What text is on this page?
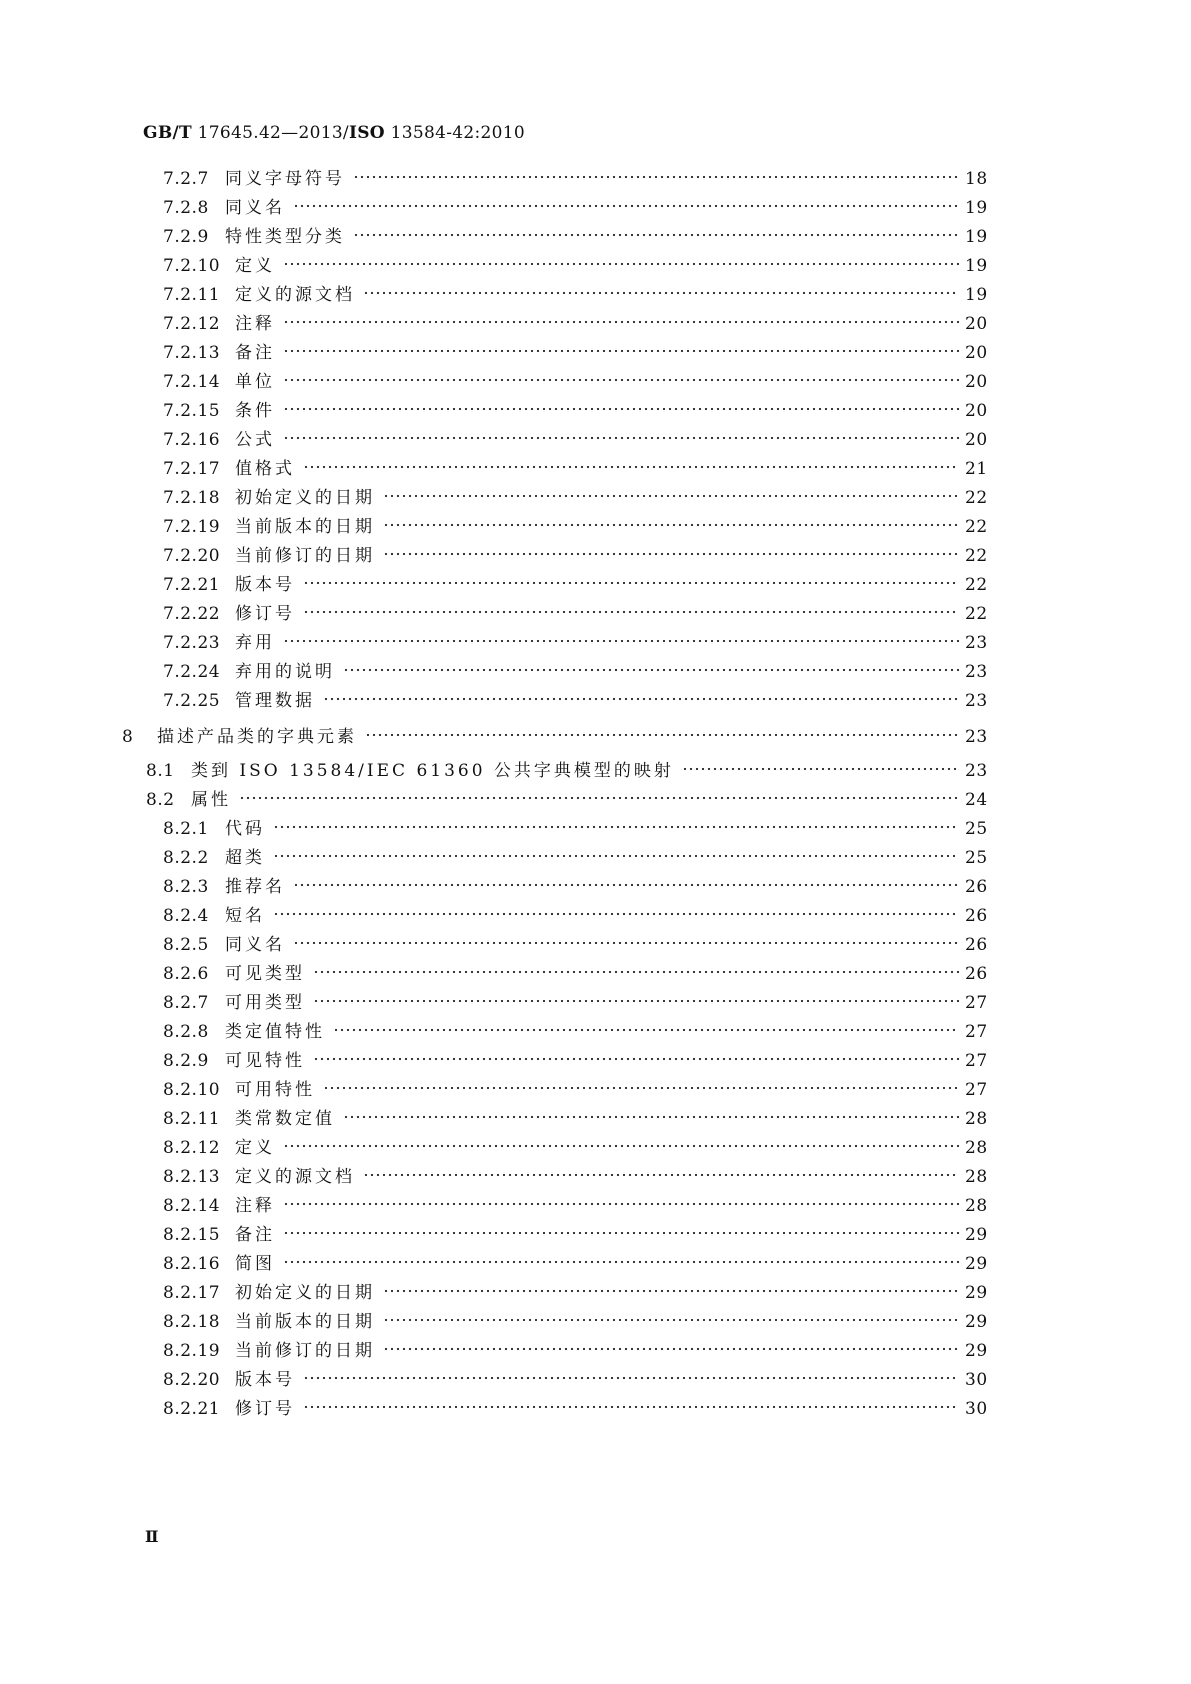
GB/T 17645.42—2013/ISO 13584-42:2010
7.2.7 同义字母符号	18
7.2.8 同义名	19
7.2.9 特性类型分类	19
7.2.10 定义	19
7.2.11 定义的源文档	19
7.2.12 注释	20
7.2.13 备注	20
7.2.14 单位	20
7.2.15 条件	20
7.2.16 公式	20
7.2.17 值格式	21
7.2.18 初始定义的日期	22
7.2.19 当前版本的日期	22
7.2.20 当前修订的日期	22
7.2.21 版本号	22
7.2.22 修订号	22
7.2.23 弃用	23
7.2.24 弃用的说明	23
7.2.25 管理数据	23
8	描述产品类的字典元素	23
8.1 类到 ISO 13584/IEC 61360 公共字典模型的映射	23
8.2 属性	24
8.2.1 代码	25
8.2.2 超类	25
8.2.3 推荐名	26
8.2.4 短名	26
8.2.5 同义名	26
8.2.6 可见类型	26
8.2.7 可用类型	27
8.2.8 类定值特性	27
8.2.9 可见特性	27
8.2.10 可用特性	27
8.2.11 类常数定值	28
8.2.12 定义	28
8.2.13 定义的源文档	28
8.2.14 注释	28
8.2.15 备注	29
8.2.16 简图	29
8.2.17 初始定义的日期	29
8.2.18 当前版本的日期	29
8.2.19 当前修订的日期	29
8.2.20 版本号	30
8.2.21 修订号	30
Ⅱ
